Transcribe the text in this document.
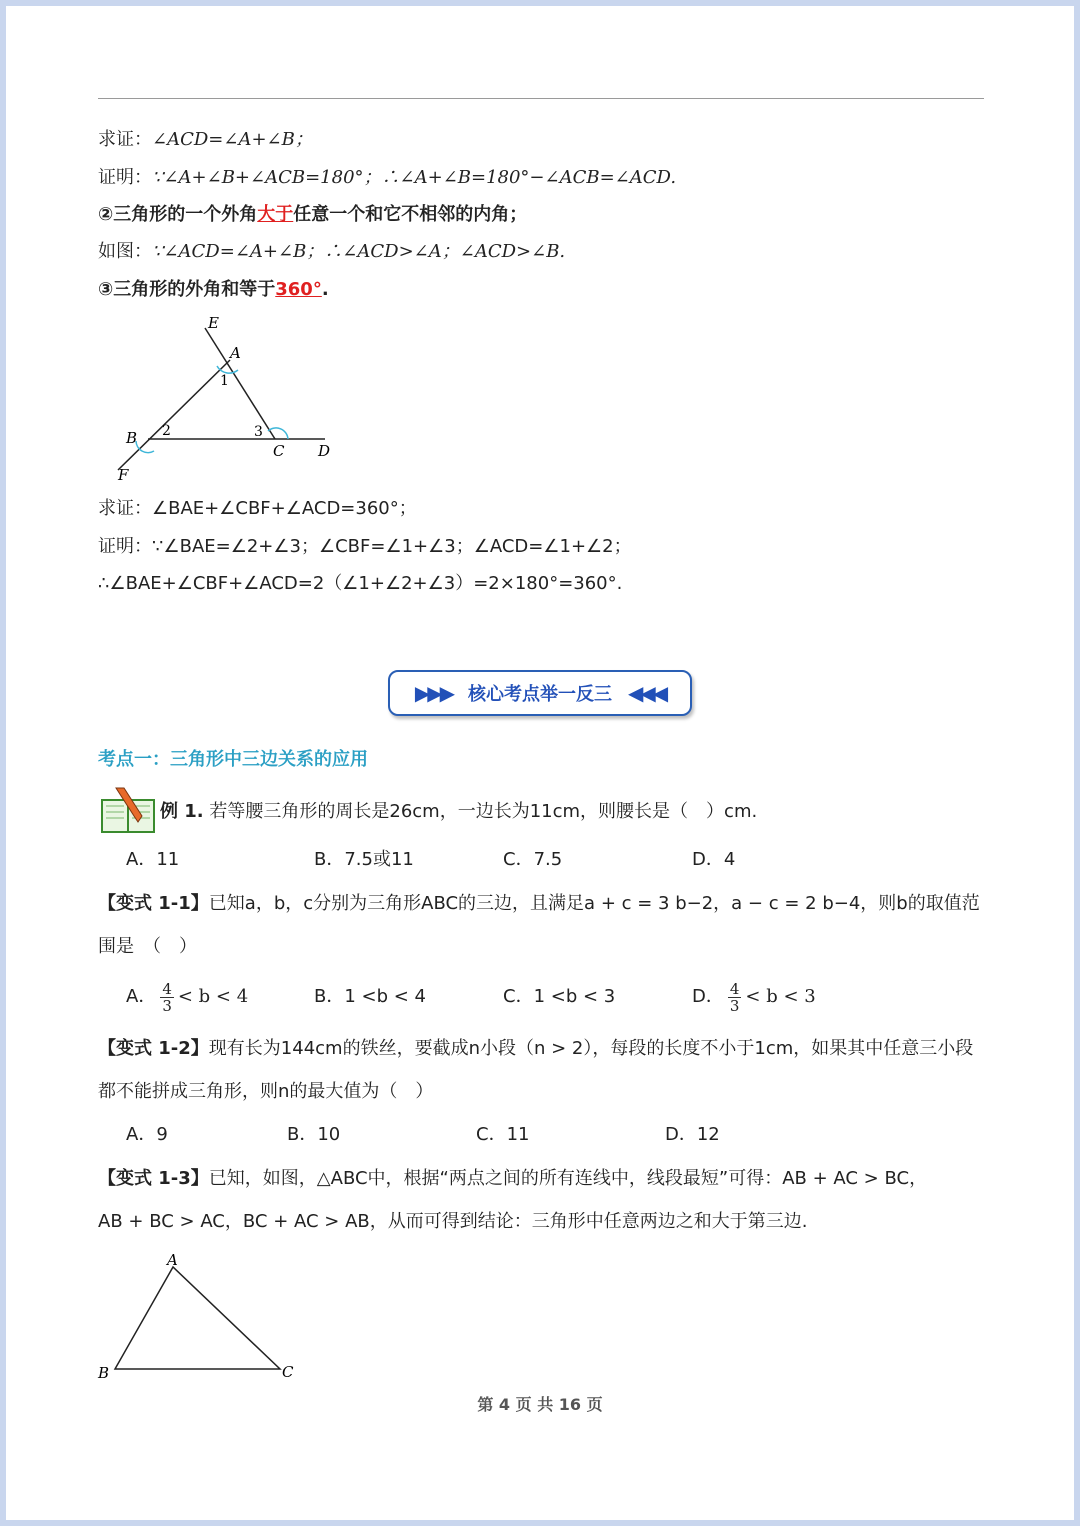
求证：∠ACD=∠A+∠B；
证明：∵∠A+∠B+∠ACB=180°；∴∠A+∠B=180°−∠ACB=∠ACD.
②三角形的一个外角大于任意一个和它不相邻的内角；
如图：∵∠ACD=∠A+∠B；∴∠ACD>∠A；∠ACD>∠B.
③三角形的外角和等于360°.
E
A
1
B 2	3
C D
F
求证：∠BAE+∠CBF+∠ACD=360°；
证明：∵∠BAE=∠2+∠3；∠CBF=∠1+∠3；∠ACD=∠1+∠2；
∴∠BAE+∠CBF+∠ACD=2（∠1+∠2+∠3）=2×180°=360°.
▶▶▶ 核心考点举一反三 ◀◀◀
考点一：三角形中三边关系的应用
例 1. 若等腰三角形的周长是26cm，一边长为11cm，则腰长是（　）cm.
A．11	B．7.5或11	C．7.5	D．4
【变式 1-1】已知a，b，c分别为三角形ABC的三边，且满足a + c = 3 b−2，a − c = 2 b−4，则b的取值范
围是　（　）
A． $\frac{4}{3} < b < 4$	B．1 <b < 4	C．1 <b < 3	D． $\frac{4}{3} < b < 3$
【变式 1-2】现有长为144cm的铁丝，要截成n小段（n > 2），每段的长度不小于1cm，如果其中任意三小段
都不能拼成三角形，则n的最大值为（　）
A．9	B．10	C．11	D．12
【变式 1-3】已知，如图，△ABC中，根据“两点之间的所有连线中，线段最短”可得：AB + AC > BC，
AB + BC > AC，BC + AC > AB，从而可得到结论：三角形中任意两边之和大于第三边.
A
B	C
第 4 页 共 16 页
